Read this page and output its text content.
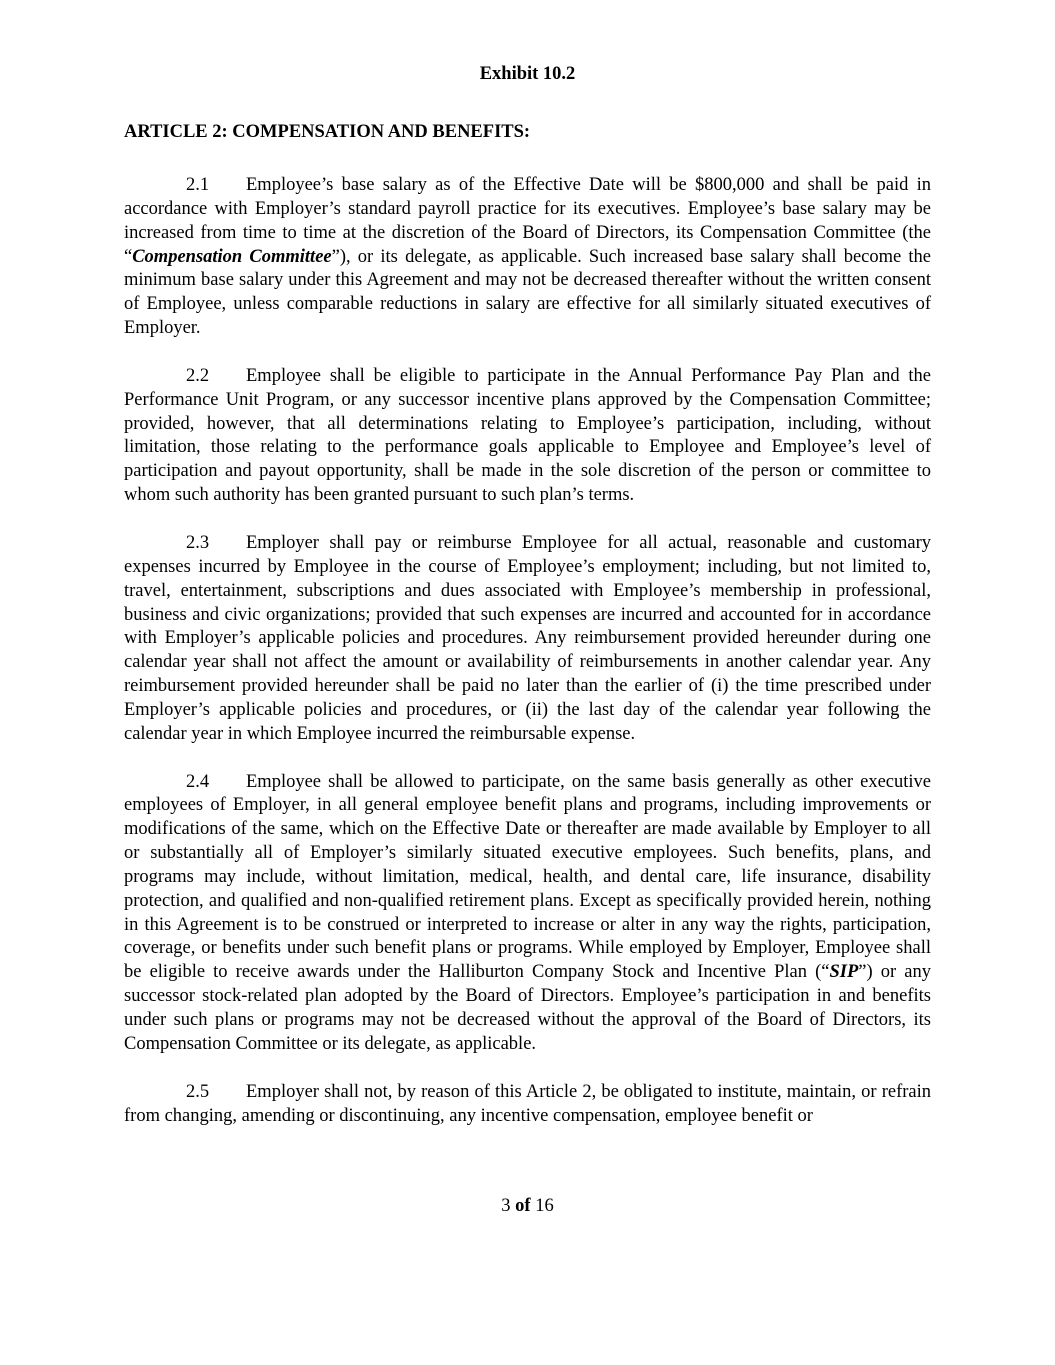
Exhibit 10.2

ARTICLE 2: COMPENSATION AND BENEFITS:

2.1 Employee’s base salary as of the Effective Date will be $800,000 and shall be paid in accordance with Employer’s standard payroll practice for its executives. Employee’s base salary may be increased from time to time at the discretion of the Board of Directors, its Compensation Committee (the “Compensation Committee”), or its delegate, as applicable. Such increased base salary shall become the minimum base salary under this Agreement and may not be decreased thereafter without the written consent of Employee, unless comparable reductions in salary are effective for all similarly situated executives of Employer.

2.2 Employee shall be eligible to participate in the Annual Performance Pay Plan and the Performance Unit Program, or any successor incentive plans approved by the Compensation Committee; provided, however, that all determinations relating to Employee’s participation, including, without limitation, those relating to the performance goals applicable to Employee and Employee’s level of participation and payout opportunity, shall be made in the sole discretion of the person or committee to whom such authority has been granted pursuant to such plan’s terms.

2.3 Employer shall pay or reimburse Employee for all actual, reasonable and customary expenses incurred by Employee in the course of Employee’s employment; including, but not limited to, travel, entertainment, subscriptions and dues associated with Employee’s membership in professional, business and civic organizations; provided that such expenses are incurred and accounted for in accordance with Employer’s applicable policies and procedures. Any reimbursement provided hereunder during one calendar year shall not affect the amount or availability of reimbursements in another calendar year. Any reimbursement provided hereunder shall be paid no later than the earlier of (i) the time prescribed under Employer’s applicable policies and procedures, or (ii) the last day of the calendar year following the calendar year in which Employee incurred the reimbursable expense.

2.4 Employee shall be allowed to participate, on the same basis generally as other executive employees of Employer, in all general employee benefit plans and programs, including improvements or modifications of the same, which on the Effective Date or thereafter are made available by Employer to all or substantially all of Employer’s similarly situated executive employees. Such benefits, plans, and programs may include, without limitation, medical, health, and dental care, life insurance, disability protection, and qualified and non-qualified retirement plans. Except as specifically provided herein, nothing in this Agreement is to be construed or interpreted to increase or alter in any way the rights, participation, coverage, or benefits under such benefit plans or programs. While employed by Employer, Employee shall be eligible to receive awards under the Halliburton Company Stock and Incentive Plan (“SIP”) or any successor stock-related plan adopted by the Board of Directors. Employee’s participation in and benefits under such plans or programs may not be decreased without the approval of the Board of Directors, its Compensation Committee or its delegate, as applicable.

2.5 Employer shall not, by reason of this Article 2, be obligated to institute, maintain, or refrain from changing, amending or discontinuing, any incentive compensation, employee benefit or

3 of 16
